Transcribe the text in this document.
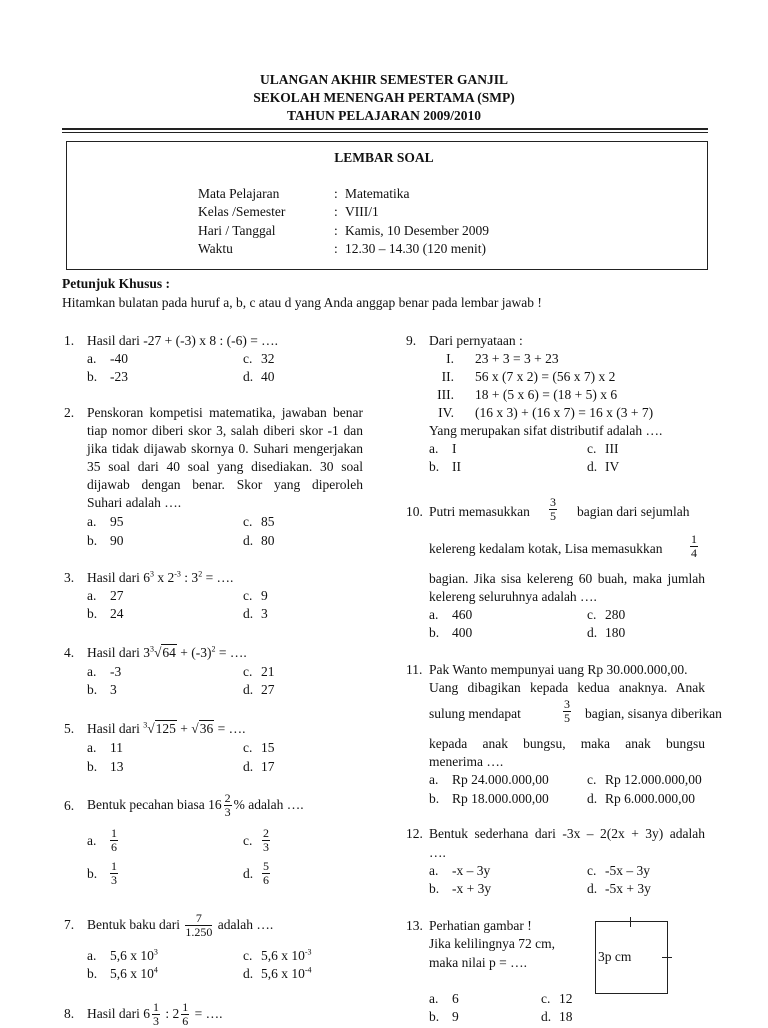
ULANGAN AKHIR SEMESTER GANJIL
SEKOLAH MENENGAH PERTAMA (SMP)
TAHUN PELAJARAN 2009/2010
LEMBAR SOAL
Mata Pelajaran	: Matematika
Kelas /Semester	: VIII/1
Hari / Tanggal	: Kamis, 10 Desember 2009
Waktu	: 12.30 – 14.30 (120 menit)
Petunjuk Khusus :
Hitamkan bulatan pada huruf a, b, c atau d yang Anda anggap benar pada lembar jawab !
1. Hasil dari -27 + (-3) x 8 : (-6) = ….
a. -40
b. -23
c. 32
d. 40
2. Penskoran kompetisi matematika, jawaban benar
tiap nomor diberi skor 3, salah diberi skor -1 dan
jika tidak dijawab skornya 0. Suhari mengerjakan
35 soal dari 40 soal yang disediakan. 30 soal
dijawab dengan benar. Skor yang diperoleh
Suhari adalah ….
a. 95
b. 90
c. 85
d. 80
3. Hasil dari $6^3$ x $2^{-3}$ : $3^2$ = ….
a. 27
b. 24
c. 9
d. 3
4. Hasil dari $3^3√64 + (-3)^2$ = ….
a. -3
b. 3
c. 21
d. 27
5. Hasil dari $^3$√125 + √36 = ….
a. 11
b. 13
c. 15
d. 17
6. Bentuk pecahan biasa $16 \frac{2}{3}$ % adalah ….
a. $\frac{1}{6}$
b. $\frac{1}{3}$
c. $\frac{2}{3}$
d. $\frac{5}{6}$
7. Bentuk baku dari $\frac{7}{1.250}$ adalah ….
a. 5,6 x $10^3$
b. 5,6 x $10^4$
c. 5,6 x $10^{-3}$
d. 5,6 x $10^{-4}$
8. Hasil dari $6 \frac{1}{3}$ : $2 \frac{1}{6}$ = ….
9. Dari pernyataan :
I. 23 + 3 = 3 + 23
II. 56 x (7 x 2) = (56 x 7) x 2
III. 18 + (5 x 6) = (18 + 5) x 6
IV. (16 x 3) + (16 x 7) = 16 x (3 + 7)
Yang merupakan sifat distributif adalah ….
a. I
b. II
c. III
d. IV
10. Putri memasukkan $\frac{3}{5}$ bagian dari sejumlah
kelereng kedalam kotak, Lisa memasukkan $\frac{1}{4}$
bagian. Jika sisa kelereng 60 buah, maka jumlah
kelereng seluruhnya adalah ….
a. 460
b. 400
c. 280
d. 180
11. Pak Wanto mempunyai uang Rp 30.000.000,00.
Uang dibagikan kepada kedua anaknya. Anak
sulung mendapat	$\frac{3}{5}$ bagian, sisanya diberikan
kepada anak bungsu, maka anak bungsu
menerima ….
a. Rp 24.000.000,00
b. Rp 18.000.000,00
c. Rp 12.000.000,00
d. Rp 6.000.000,00
12. Bentuk sederhana dari -3x – 2(2x + 3y) adalah
….
a. -x – 3y
b. -x + 3y
c. -5x – 3y
d. -5x + 3y
13. Perhatian gambar !
Jika kelilingnya 72 cm,
maka nilai p = ….	3p cm
a. 6
b. 9
c. 12
d. 18
